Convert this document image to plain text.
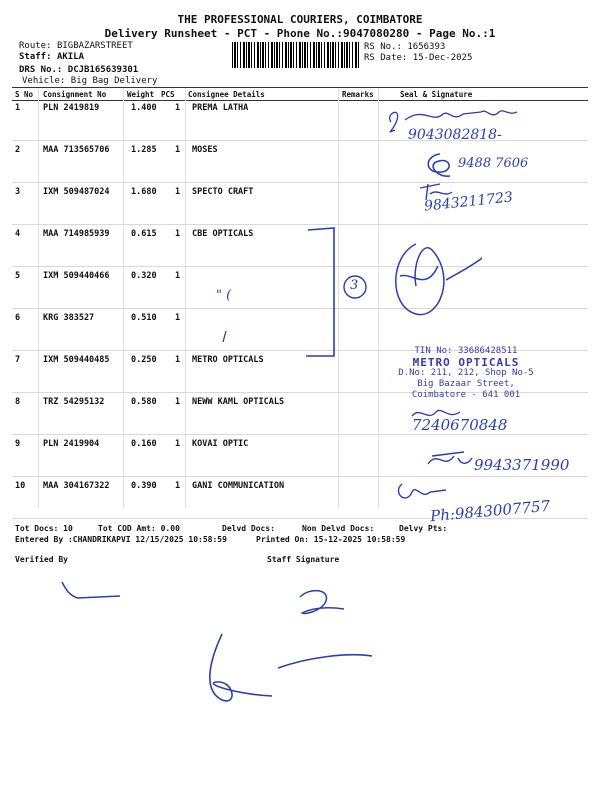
THE PROFESSIONAL COURIERS, COIMBATORE
Delivery Runsheet - PCT - Phone No.:9047080280 - Page No.:1
Route: BIGBAZARSTREET
Staff: AKILA
DRS No.: DCJB165639301
Vehicle: Big Bag Delivery
RS No.: 1656393
RS Date: 15-Dec-2025
S No Consignment No	Weight PCS Consignee Details	Remarks	Seal & Signature
1	PLN 2419819	1.400 1 PREMA LATHA
2	MAA 713565706	1.285 1 MOSES
3	IXM 509487024	1.680 1 SPECTO CRAFT
4	MAA 714985939	0.615 1 CBE OPTICALS
5	IXM 509440466	0.320 1
6	KRG 383527	0.510 1
7	IXM 509440485	0.250 1 METRO OPTICALS
8	TRZ 54295132	0.580 1 NEWW KAML OPTICALS
9	PLN 2419904	0.160 1 KOVAI OPTIC
10 MAA 304167322	0.390 1 GANI COMMUNICATION
3
" (
9043082818-
9488 7606
9843211723
TIN No: 33686428511
METRO OPTICALS
D.No: 211, 212, Shop No-5
Big Bazaar Street,
Coimbatore - 641 001
7240670848
9943371990
Ph:9843007757
Tot Docs: 10	Tot COD Amt: 0.00	Delvd Docs:	Non Delvd Docs:	Delvy Pts:
Entered By :CHANDRIKAPVI 12/15/2025 10:58:59	Printed On: 15-12-2025 10:58:59
Verified By	Staff Signature
